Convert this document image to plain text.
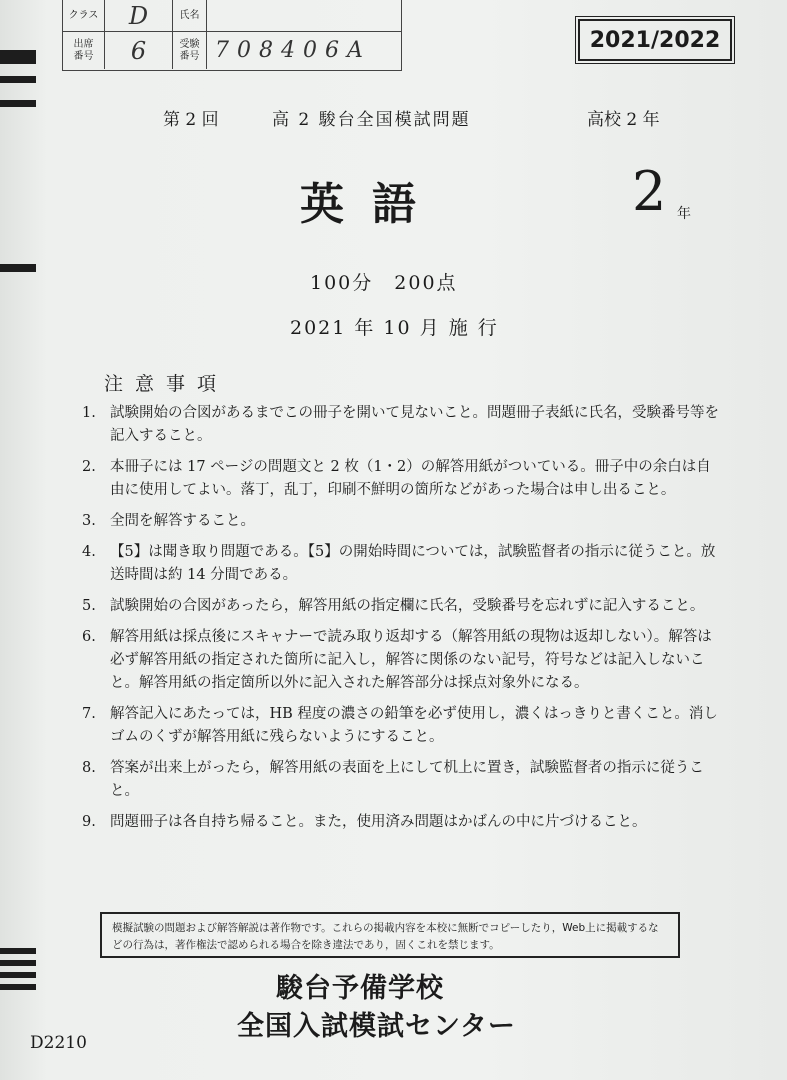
クラス	D	氏名
出席番号	6	受験番号 708406A	2021/2022
第 2 回	高 2 駿台全国模試問題	高校 2 年
英語	2 年
100分　200点
2021 年 10 月 施 行
注意事項
1. 試験開始の合図があるまでこの冊子を開いて見ないこと。問題冊子表紙に氏名，受験番号等を記入すること。
2. 本冊子には 17 ページの問題文と 2 枚（1・2）の解答用紙がついている。冊子中の余白は自由に使用してよい。落丁，乱丁，印刷不鮮明の箇所などがあった場合は申し出ること。
3. 全問を解答すること。
4. 【5】は聞き取り問題である。【5】の開始時間については，試験監督者の指示に従うこと。放送時間は約 14 分間である。
5. 試験開始の合図があったら，解答用紙の指定欄に氏名，受験番号を忘れずに記入すること。
6. 解答用紙は採点後にスキャナーで読み取り返却する（解答用紙の現物は返却しない）。解答は必ず解答用紙の指定された箇所に記入し，解答に関係のない記号，符号などは記入しないこと。解答用紙の指定箇所以外に記入された解答部分は採点対象外になる。
7. 解答記入にあたっては，HB 程度の濃さの鉛筆を必ず使用し，濃くはっきりと書くこと。消しゴムのくずが解答用紙に残らないようにすること。
8. 答案が出来上がったら，解答用紙の表面を上にして机上に置き，試験監督者の指示に従うこと。
9. 問題冊子は各自持ち帰ること。また，使用済み問題はかばんの中に片づけること。
模擬試験の問題および解答解説は著作物です。これらの掲載内容を本校に無断でコピーしたり，Web上に掲載するなどの行為は，著作権法で認められる場合を除き違法であり，固くこれを禁じます。
駿台予備学校
全国入試模試センター
D2210
